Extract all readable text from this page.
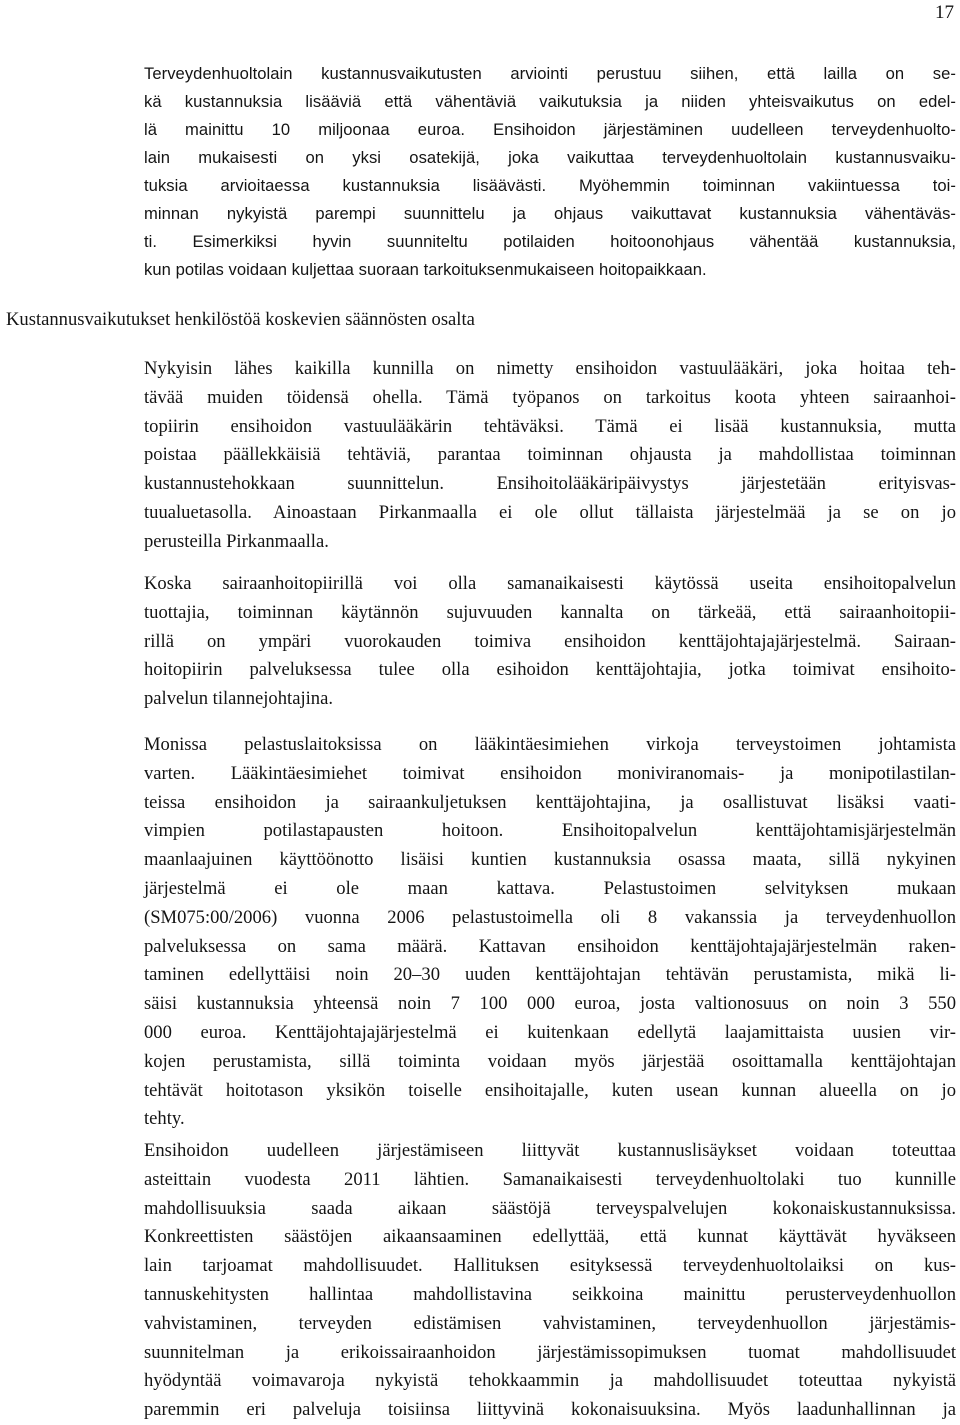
17

Terveydenhuoltolain kustannusvaikutusten arviointi perustuu siihen, että lailla on se-
kä kustannuksia lisääviä että vähentäviä vaikutuksia ja niiden yhteisvaikutus on edel-
lä mainittu 10 miljoonaa euroa. Ensihoidon järjestäminen uudelleen terveydenhuolto-
lain mukaisesti on yksi osatekijä, joka vaikuttaa terveydenhuoltolain kustannusvaiku-
tuksia arvioitaessa kustannuksia lisäävästi. Myöhemmin toiminnan vakiintuessa toi-
minnan nykyistä parempi suunnittelu ja ohjaus vaikuttavat kustannuksia vähentäväs-
ti. Esimerkiksi hyvin suunniteltu potilaiden hoitoonohjaus vähentää kustannuksia,
kun potilas voidaan kuljettaa suoraan tarkoituksenmukaiseen hoitopaikkaan.

Kustannusvaikutukset henkilöstöä koskevien säännösten osalta

Nykyisin lähes kaikilla kunnilla on nimetty ensihoidon vastuulääkäri, joka hoitaa teh-
tävää muiden töidensä ohella. Tämä työpanos on tarkoitus koota yhteen sairaanhoi-
topiirin ensihoidon vastuulääkärin tehtäväksi. Tämä ei lisää kustannuksia, mutta
poistaa päällekkäisiä tehtäviä, parantaa toiminnan ohjausta ja mahdollistaa toiminnan
kustannustehokkaan suunnittelun. Ensihoitolääkäripäivystys järjestetään erityisvas-
tuualuetasolla. Ainoastaan Pirkanmaalla ei ole ollut tällaista järjestelmää ja se on jo
perusteilla Pirkanmaalla.

Koska sairaanhoitopiirillä voi olla samanaikaisesti käytössä useita ensihoitopalvelun
tuottajia, toiminnan käytännön sujuvuuden kannalta on tärkeää, että sairaanhoitopii-
rillä on ympäri vuorokauden toimiva ensihoidon kenttäjohtajajärjestelmä. Sairaan-
hoitopiirin palveluksessa tulee olla esihoidon kenttäjohtajia, jotka toimivat ensihoito-
palvelun tilannejohtajina.

Monissa pelastuslaitoksissa on lääkintäesimiehen virkoja terveystoimen johtamista
varten. Lääkintäesimiehet toimivat ensihoidon moniviranomais- ja monipotilastilan-
teissa ensihoidon ja sairaankuljetuksen kenttäjohtajina, ja osallistuvat lisäksi vaati-
vimpien potilastapausten hoitoon. Ensihoitopalvelun kenttäjohtamisjärjestelmän
maanlaajuinen käyttöönotto lisäisi kuntien kustannuksia osassa maata, sillä nykyinen
järjestelmä ei ole maan kattava. Pelastustoimen selvityksen mukaan
(SM075:00/2006) vuonna 2006 pelastustoimella oli 8 vakanssia ja terveydenhuollon
palveluksessa on sama määrä. Kattavan ensihoidon kenttäjohtajajärjestelmän raken-
taminen edellyttäisi noin 20–30 uuden kenttäjohtajan tehtävän perustamista, mikä li-
säisi kustannuksia yhteensä noin 7 100 000 euroa, josta valtionosuus on noin 3 550
000 euroa. Kenttäjohtajajärjestelmä ei kuitenkaan edellytä laajamittaista uusien vir-
kojen perustamista, sillä toiminta voidaan myös järjestää osoittamalla kenttäjohtajan
tehtävät hoitotason yksikön toiselle ensihoitajalle, kuten usean kunnan alueella on jo
tehty.

Ensihoidon uudelleen järjestämiseen liittyvät kustannuslisäykset voidaan toteuttaa
asteittain vuodesta 2011 lähtien. Samanaikaisesti terveydenhuoltolaki tuo kunnille
mahdollisuuksia saada aikaan säästöjä terveyspalvelujen kokonaiskustannuksissa.
Konkreettisten säästöjen aikaansaaminen edellyttää, että kunnat käyttävät hyväkseen
lain tarjoamat mahdollisuudet. Hallituksen esityksessä terveydenhuoltolaiksi on kus-
tannuskehitysten hallintaa mahdollistavina seikkoina mainittu perusterveydenhuollon
vahvistaminen, terveyden edistämisen vahvistaminen, terveydenhuollon järjestämis-
suunnitelman ja erikoissairaanhoidon järjestämissopimuksen tuomat mahdollisuudet
hyödyntää voimavaroja nykyistä tehokkaammin ja mahdollisuudet toteuttaa nykyistä
paremmin eri palveluja toisiinsa liittyvinä kokonaisuuksina. Myös laadunhallinnan ja
